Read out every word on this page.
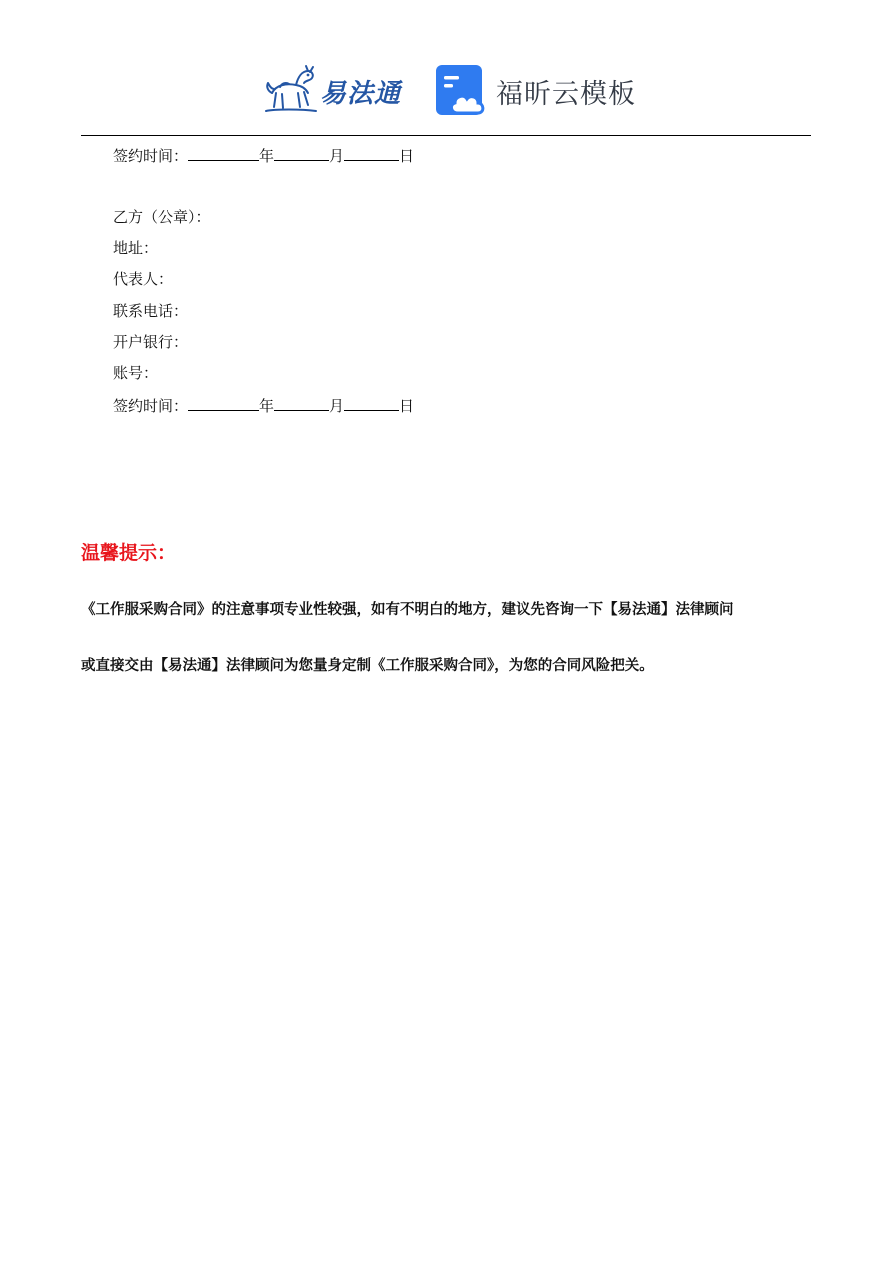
易法通	福昕云模板
签约时间：	年	月	日
乙方（公章）：
地址：
代表人：
联系电话：
开户银行：
账号：
签约时间：	年	月	日
温馨提示：
《工作服采购合同》的注意事项专业性较强，如有不明白的地方，建议先咨询一下【易法通】法律顾问
或直接交由【易法通】法律顾问为您量身定制《工作服采购合同》，为您的合同风险把关。
